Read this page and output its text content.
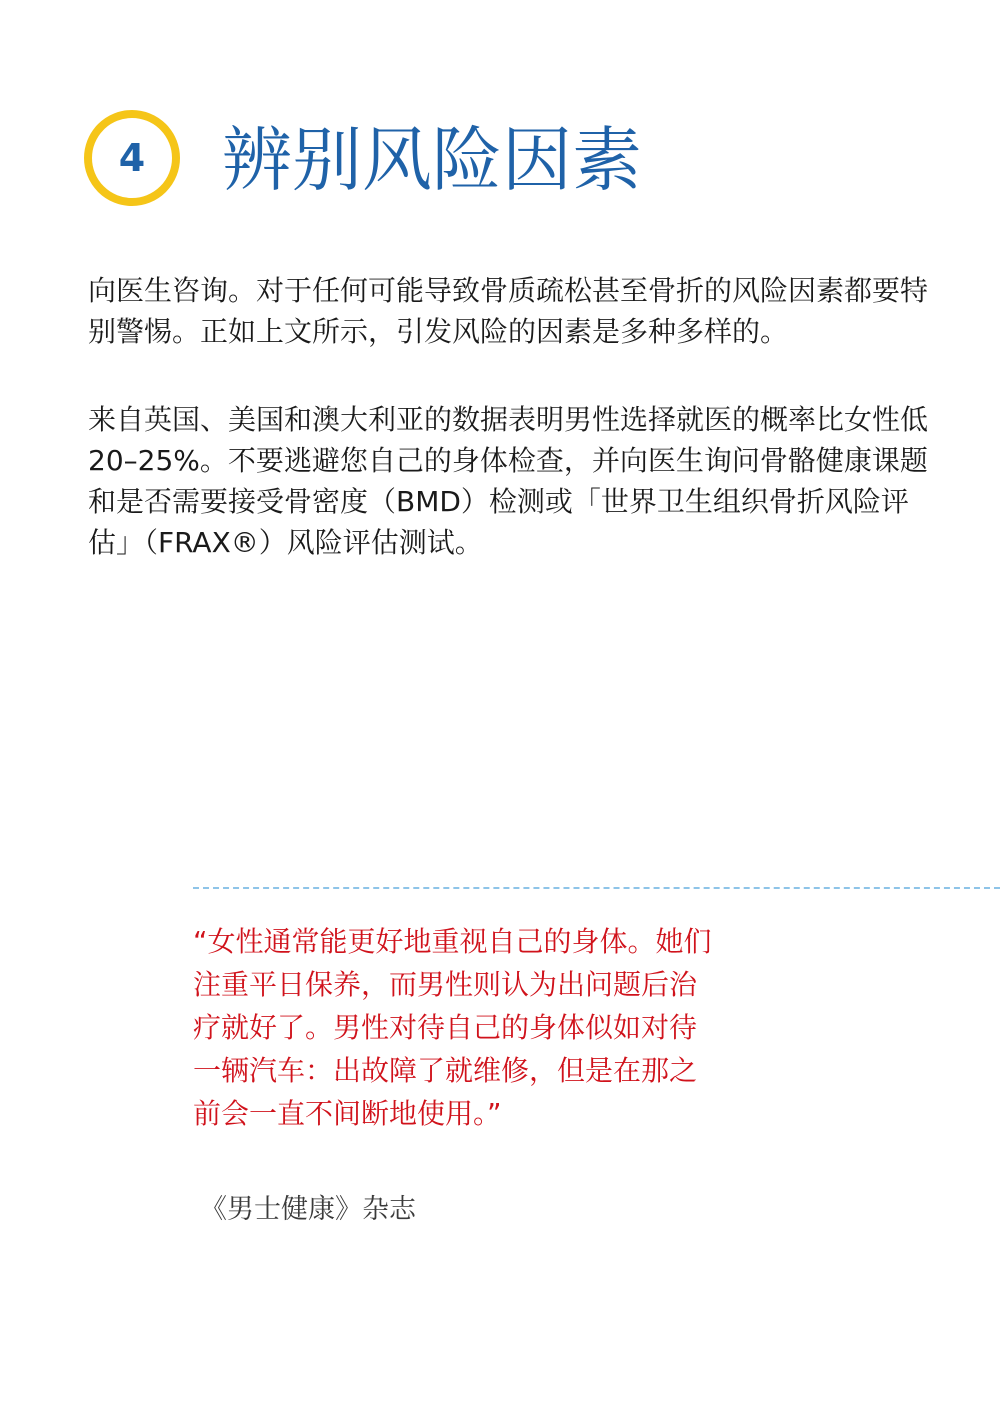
4 辨别风险因素

向医生咨询。对于任何可能导致骨质疏松甚至骨折的风险因素都要特别警惕。正如上文所示，引发风险的因素是多种多样的。

来自英国、美国和澳大利亚的数据表明男性选择就医的概率比女性低20–25%。不要逃避您自己的身体检查，并向医生询问骨骼健康课题和是否需要接受骨密度（BMD）检测或「世界卫生组织骨折风险评估」（FRAX®）风险评估测试。

“女性通常能更好地重视自己的身体。她们注重平日保养，而男性则认为出问题后治疗就好了。男性对待自己的身体似如对待一辆汽车：出故障了就维修，但是在那之前会一直不间断地使用。”

《男士健康》杂志
